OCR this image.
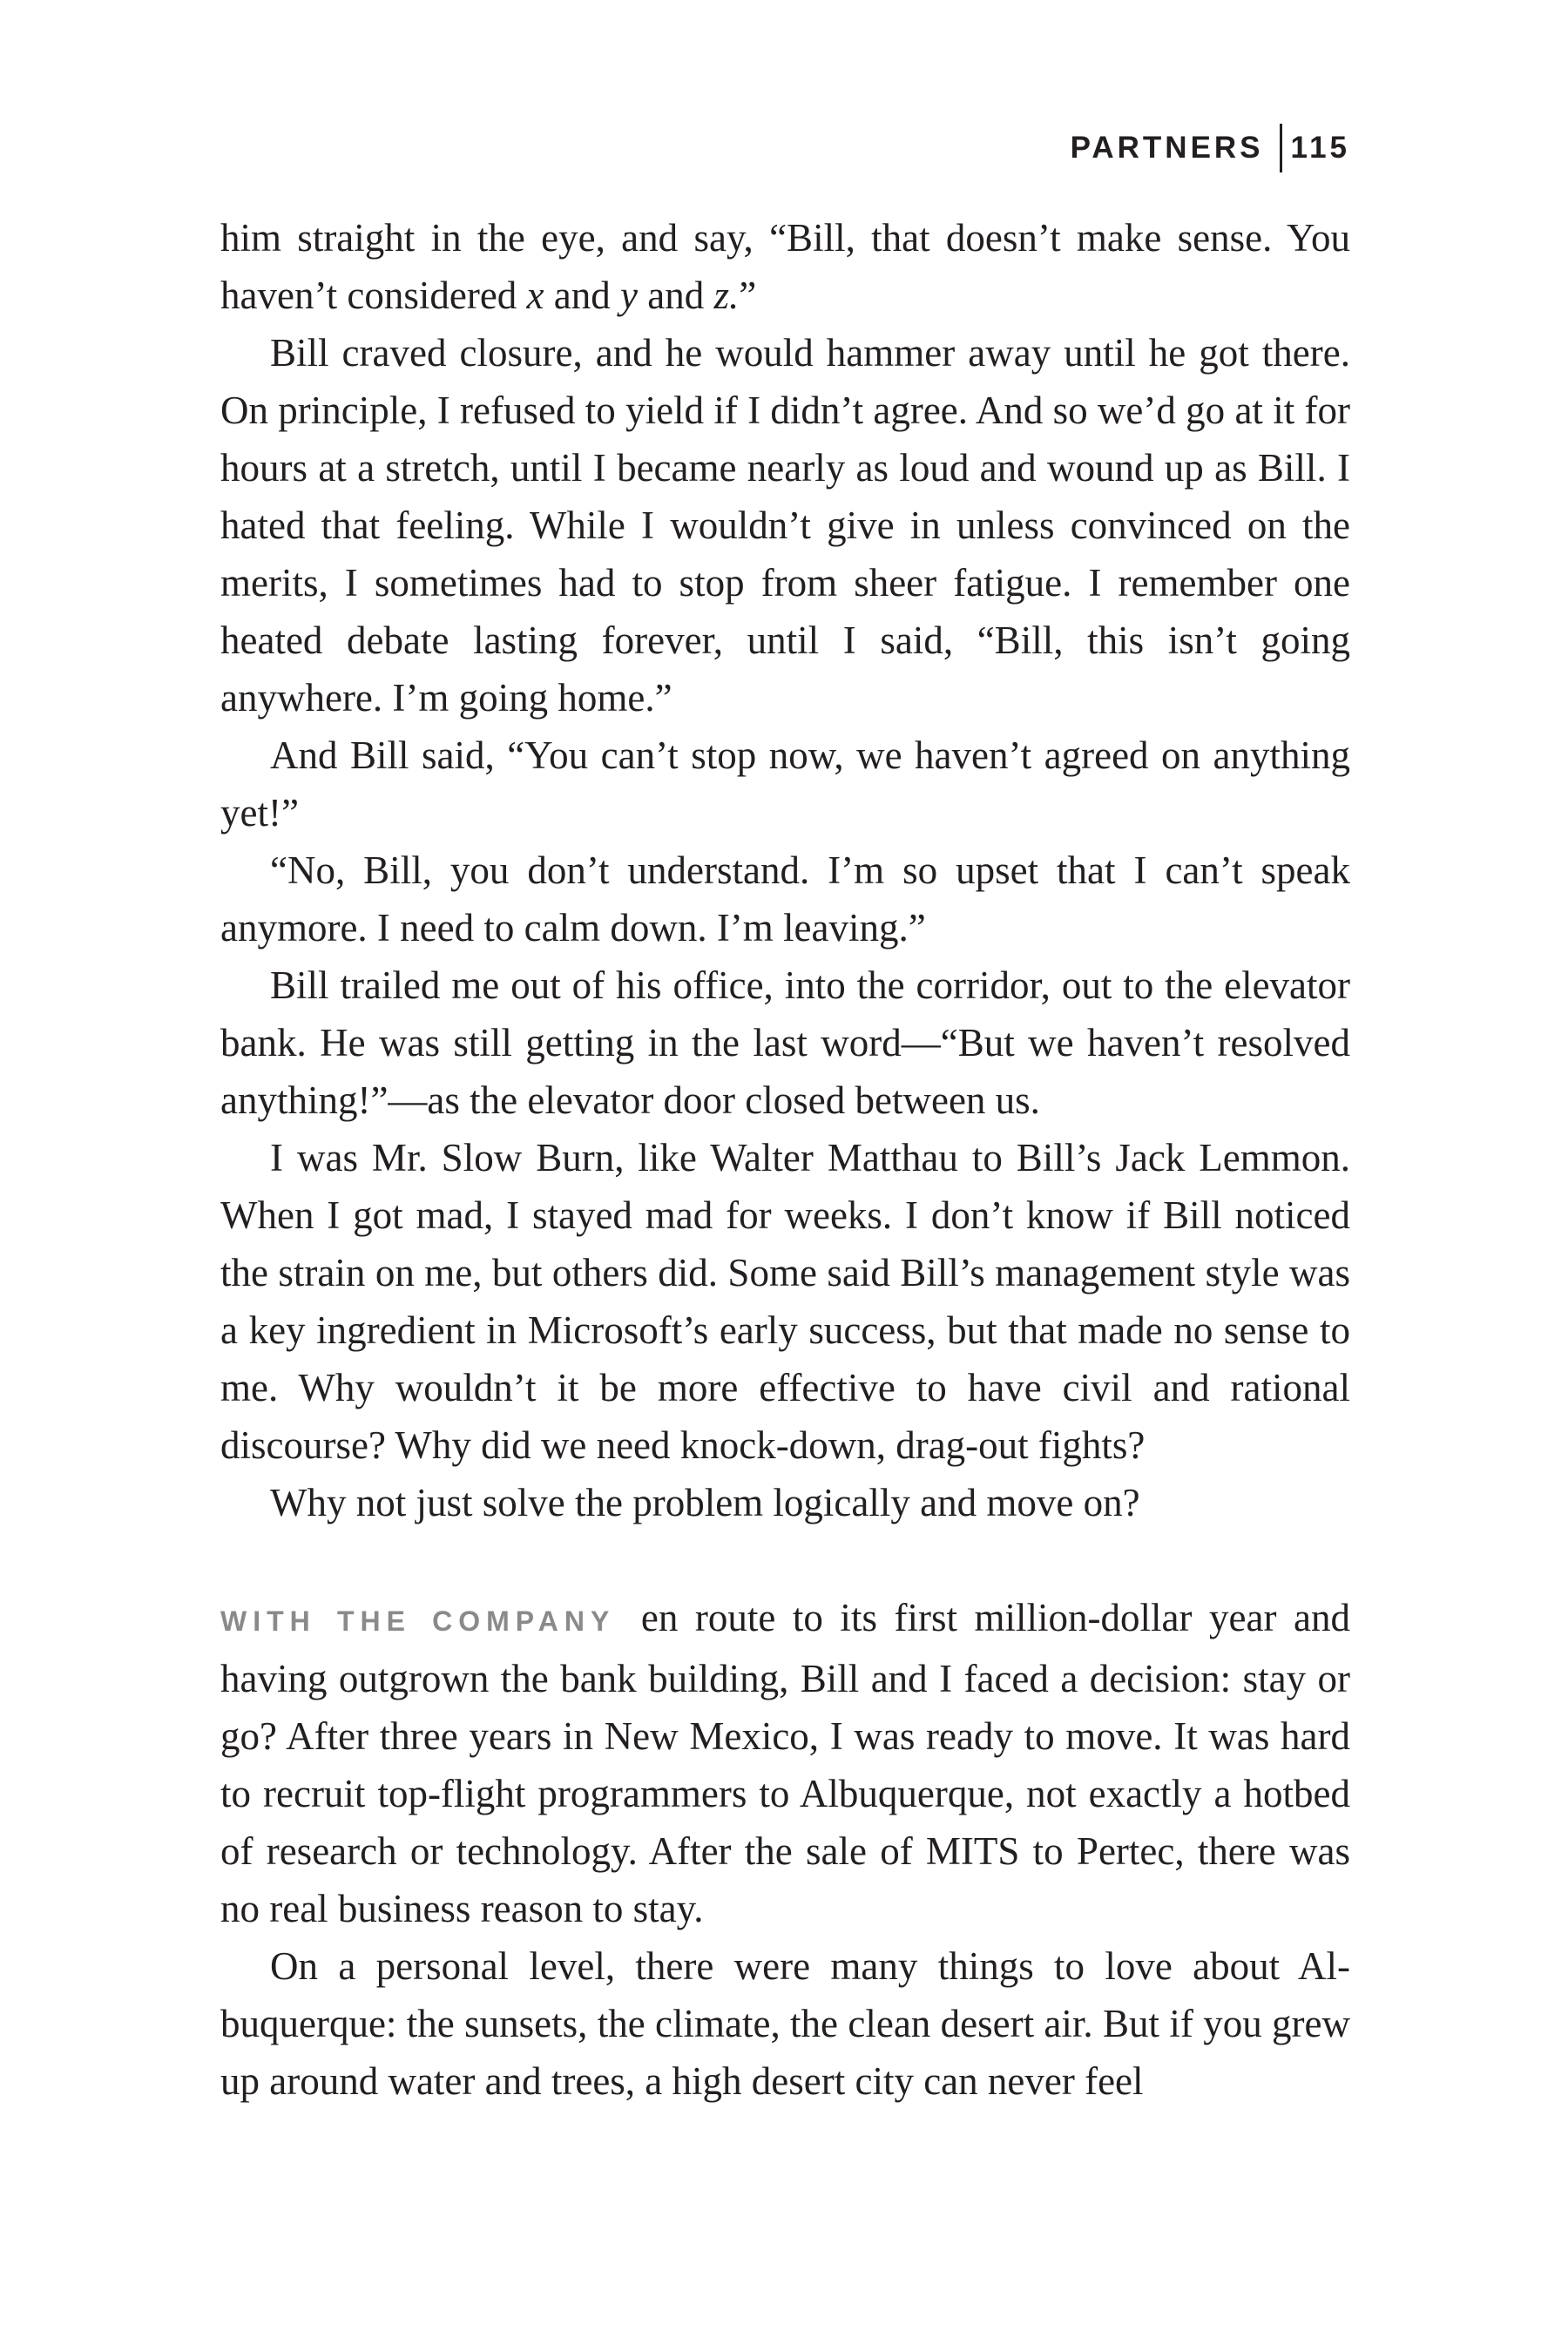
PARTNERS 115

him straight in the eye, and say, “Bill, that doesn’t make sense. You haven’t considered x and y and z.”

Bill craved closure, and he would hammer away until he got there. On principle, I refused to yield if I didn’t agree. And so we’d go at it for hours at a stretch, until I became nearly as loud and wound up as Bill. I hated that feeling. While I wouldn’t give in unless convinced on the merits, I sometimes had to stop from sheer fatigue. I remember one heated debate lasting forever, until I said, “Bill, this isn’t going anywhere. I’m going home.”

And Bill said, “You can’t stop now, we haven’t agreed on anything yet!”

“No, Bill, you don’t understand. I’m so upset that I can’t speak anymore. I need to calm down. I’m leaving.”

Bill trailed me out of his office, into the corridor, out to the elevator bank. He was still getting in the last word—“But we haven’t resolved anything!”—as the elevator door closed between us.

I was Mr. Slow Burn, like Walter Matthau to Bill’s Jack Lemmon. When I got mad, I stayed mad for weeks. I don’t know if Bill noticed the strain on me, but others did. Some said Bill’s management style was a key ingredient in Microsoft’s early success, but that made no sense to me. Why wouldn’t it be more effective to have civil and rational discourse? Why did we need knock-down, drag-out fights?

Why not just solve the problem logically and move on?

WITH THE COMPANY en route to its first million-dollar year and having outgrown the bank building, Bill and I faced a decision: stay or go? After three years in New Mexico, I was ready to move. It was hard to recruit top-flight programmers to Albuquerque, not exactly a hotbed of research or technology. After the sale of MITS to Pertec, there was no real business reason to stay.

On a personal level, there were many things to love about Albuquerque: the sunsets, the climate, the clean desert air. But if you grew up around water and trees, a high desert city can never feel
